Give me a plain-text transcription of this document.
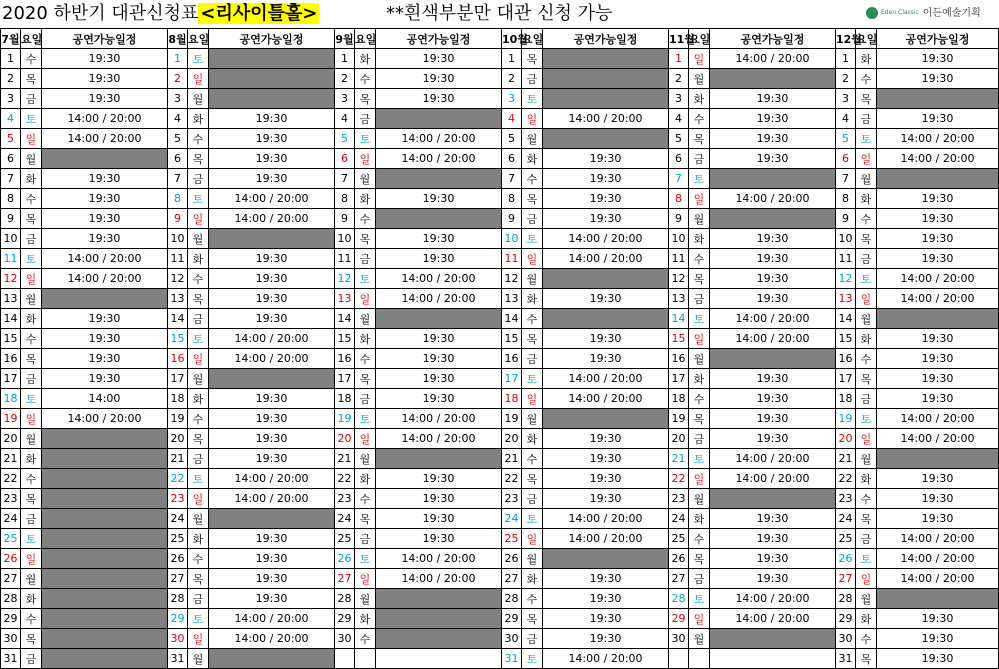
2020 하반기 대관신청표 <리사이틀홀>	**흰색부분만 대관 신청 가능	Eden Classic 이든예술기획
7월	요일	공연가능일정	8월	요일	공연가능일정	9월	요일	공연가능일정	10월	요일	공연가능일정	11월	요일	공연가능일정	12월	요일	공연가능일정
1	수	19:30	1	토		1	화	19:30	1	목		1	일	14:00 / 20:00	1	화	19:30
2	목	19:30	2	일		2	수	19:30	2	금		2	월		2	수	19:30
3	금	19:30	3	월		3	목	19:30	3	토		3	화	19:30	3	목	
4	토	14:00 / 20:00	4	화	19:30	4	금		4	일	14:00 / 20:00	4	수	19:30	4	금	19:30
5	일	14:00 / 20:00	5	수	19:30	5	토	14:00 / 20:00	5	월		5	목	19:30	5	토	14:00 / 20:00
6	월		6	목	19:30	6	일	14:00 / 20:00	6	화	19:30	6	금	19:30	6	일	14:00 / 20:00
7	화	19:30	7	금	19:30	7	월		7	수	19:30	7	토		7	월	
8	수	19:30	8	토	14:00 / 20:00	8	화	19:30	8	목	19:30	8	일	14:00 / 20:00	8	화	19:30
9	목	19:30	9	일	14:00 / 20:00	9	수		9	금	19:30	9	월		9	수	19:30
10	금	19:30	10	월		10	목	19:30	10	토	14:00 / 20:00	10	화	19:30	10	목	19:30
11	토	14:00 / 20:00	11	화	19:30	11	금	19:30	11	일	14:00 / 20:00	11	수	19:30	11	금	19:30
12	일	14:00 / 20:00	12	수	19:30	12	토	14:00 / 20:00	12	월		12	목	19:30	12	토	14:00 / 20:00
13	월		13	목	19:30	13	일	14:00 / 20:00	13	화	19:30	13	금	19:30	13	일	14:00 / 20:00
14	화	19:30	14	금	19:30	14	월		14	수		14	토	14:00 / 20:00	14	월	
15	수	19:30	15	토	14:00 / 20:00	15	화	19:30	15	목	19:30	15	일	14:00 / 20:00	15	화	19:30
16	목	19:30	16	일	14:00 / 20:00	16	수	19:30	16	금	19:30	16	월		16	수	19:30
17	금	19:30	17	월		17	목	19:30	17	토	14:00 / 20:00	17	화	19:30	17	목	19:30
18	토	14:00	18	화	19:30	18	금	19:30	18	일	14:00 / 20:00	18	수	19:30	18	금	19:30
19	일	14:00 / 20:00	19	수	19:30	19	토	14:00 / 20:00	19	월		19	목	19:30	19	토	14:00 / 20:00
20	월		20	목	19:30	20	일	14:00 / 20:00	20	화	19:30	20	금	19:30	20	일	14:00 / 20:00
21	화		21	금	19:30	21	월		21	수	19:30	21	토	14:00 / 20:00	21	월	
22	수		22	토	14:00 / 20:00	22	화	19:30	22	목	19:30	22	일	14:00 / 20:00	22	화	19:30
23	목		23	일	14:00 / 20:00	23	수	19:30	23	금	19:30	23	월		23	수	19:30
24	금		24	월		24	목	19:30	24	토	14:00 / 20:00	24	화	19:30	24	목	19:30
25	토		25	화	19:30	25	금	19:30	25	일	14:00 / 20:00	25	수	19:30	25	금	14:00 / 20:00
26	일		26	수	19:30	26	토	14:00 / 20:00	26	월		26	목	19:30	26	토	14:00 / 20:00
27	월		27	목	19:30	27	일	14:00 / 20:00	27	화	19:30	27	금	19:30	27	일	14:00 / 20:00
28	화		28	금	19:30	28	월		28	수	19:30	28	토	14:00 / 20:00	28	월	
29	수		29	토	14:00 / 20:00	29	화		29	목	19:30	29	일	14:00 / 20:00	29	화	19:30
30	목		30	일	14:00 / 20:00	30	수		30	금	19:30	30	월		30	수	19:30
31	금		31	월					31	토	14:00 / 20:00				31	목	19:30
